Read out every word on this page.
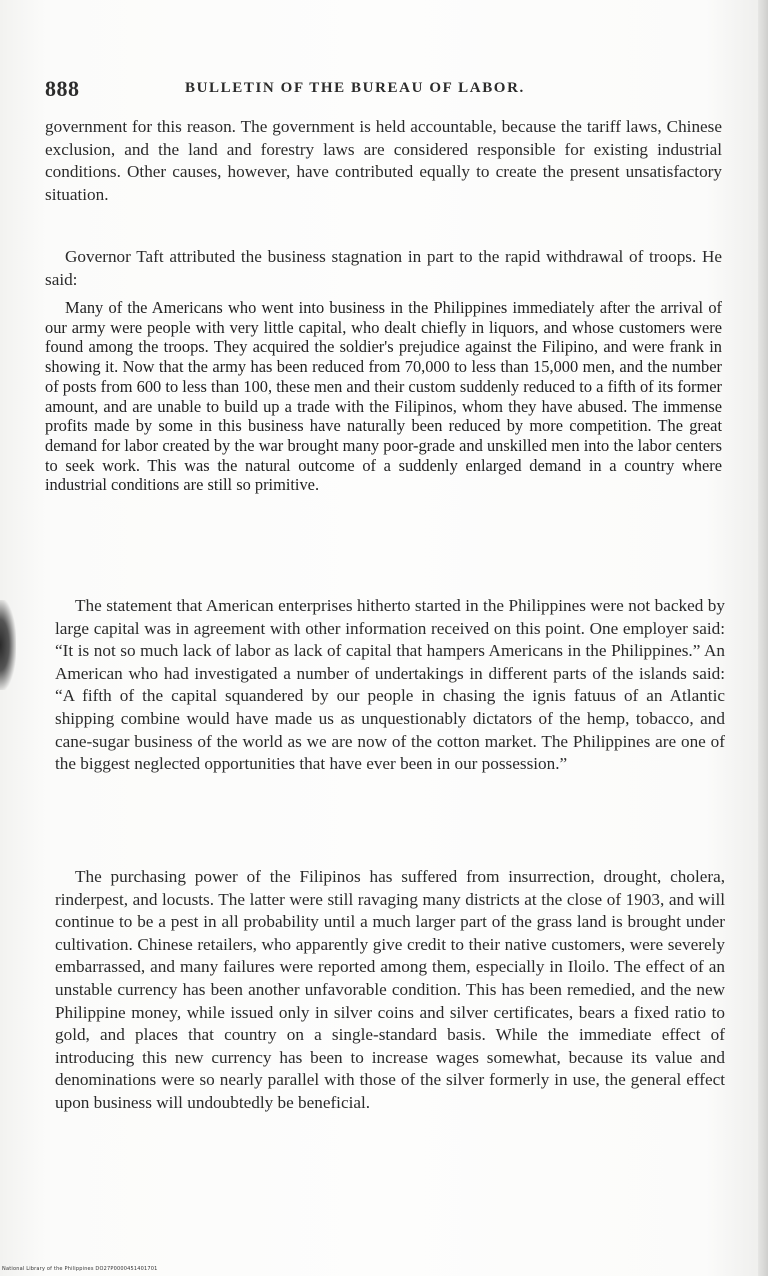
888	BULLETIN OF THE BUREAU OF LABOR.

government for this reason. The government is held accountable, because the tariff laws, Chinese exclusion, and the land and forestry laws are considered responsible for existing industrial conditions. Other causes, however, have contributed equally to create the present unsatisfactory situation.

Governor Taft attributed the business stagnation in part to the rapid withdrawal of troops. He said:

Many of the Americans who went into business in the Philippines immediately after the arrival of our army were people with very little capital, who dealt chiefly in liquors, and whose customers were found among the troops. They acquired the soldier's prejudice against the Filipino, and were frank in showing it. Now that the army has been reduced from 70,000 to less than 15,000 men, and the number of posts from 600 to less than 100, these men and their custom suddenly reduced to a fifth of its former amount, and are unable to build up a trade with the Filipinos, whom they have abused. The immense profits made by some in this business have naturally been reduced by more competition. The great demand for labor created by the war brought many poor-grade and unskilled men into the labor centers to seek work. This was the natural outcome of a suddenly enlarged demand in a country where industrial conditions are still so primitive.

The statement that American enterprises hitherto started in the Philippines were not backed by large capital was in agreement with other information received on this point. One employer said: “It is not so much lack of labor as lack of capital that hampers Americans in the Philippines.” An American who had investigated a number of undertakings in different parts of the islands said: “A fifth of the capital squandered by our people in chasing the ignis fatuus of an Atlantic shipping combine would have made us as unquestionably dictators of the hemp, tobacco, and cane-sugar business of the world as we are now of the cotton market. The Philippines are one of the biggest neglected opportunities that have ever been in our possession.”

The purchasing power of the Filipinos has suffered from insurrection, drought, cholera, rinderpest, and locusts. The latter were still ravaging many districts at the close of 1903, and will continue to be a pest in all probability until a much larger part of the grass land is brought under cultivation. Chinese retailers, who apparently give credit to their native customers, were severely embarrassed, and many failures were reported among them, especially in Iloilo. The effect of an unstable currency has been another unfavorable condition. This has been remedied, and the new Philippine money, while issued only in silver coins and silver certificates, bears a fixed ratio to gold, and places that country on a single-standard basis. While the immediate effect of introducing this new currency has been to increase wages somewhat, because its value and denominations were so nearly parallel with those of the silver formerly in use, the general effect upon business will undoubtedly be beneficial.

National Library of the Philippines DO27P0000451401701
